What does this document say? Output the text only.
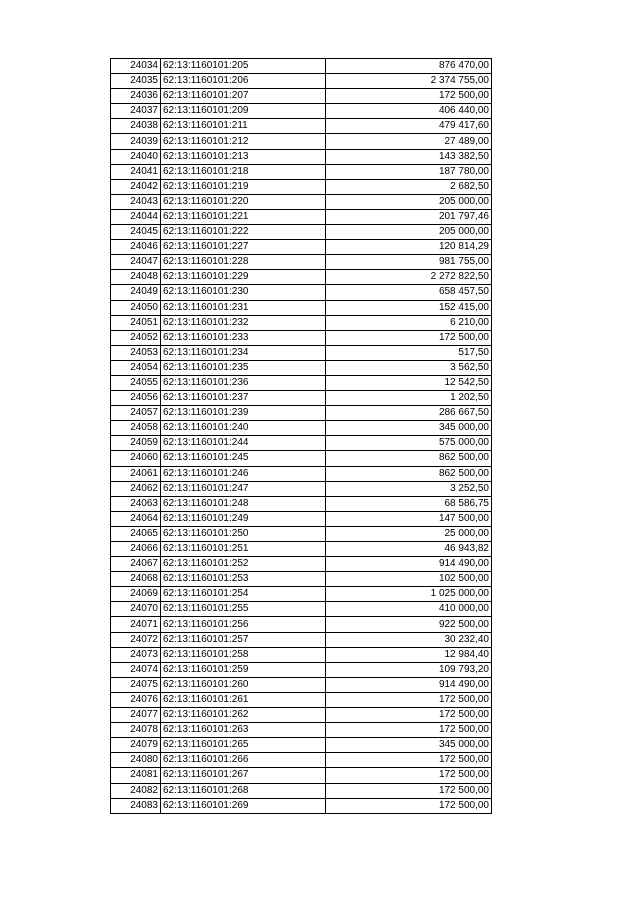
24034	62:13:1160101:205	876 470,00
24035	62:13:1160101:206	2 374 755,00
24036	62:13:1160101:207	172 500,00
24037	62:13:1160101:209	406 440,00
24038	62:13:1160101:211	479 417,60
24039	62:13:1160101:212	27 489,00
24040	62:13:1160101:213	143 382,50
24041	62:13:1160101:218	187 780,00
24042	62:13:1160101:219	2 682,50
24043	62:13:1160101:220	205 000,00
24044	62:13:1160101:221	201 797,46
24045	62:13:1160101:222	205 000,00
24046	62:13:1160101:227	120 814,29
24047	62:13:1160101:228	981 755,00
24048	62:13:1160101:229	2 272 822,50
24049	62:13:1160101:230	658 457,50
24050	62:13:1160101:231	152 415,00
24051	62:13:1160101:232	6 210,00
24052	62:13:1160101:233	172 500,00
24053	62:13:1160101:234	517,50
24054	62:13:1160101:235	3 562,50
24055	62:13:1160101:236	12 542,50
24056	62:13:1160101:237	1 202,50
24057	62:13:1160101:239	286 667,50
24058	62:13:1160101:240	345 000,00
24059	62:13:1160101:244	575 000,00
24060	62:13:1160101:245	862 500,00
24061	62:13:1160101:246	862 500,00
24062	62:13:1160101:247	3 252,50
24063	62:13:1160101:248	68 586,75
24064	62:13:1160101:249	147 500,00
24065	62:13:1160101:250	25 000,00
24066	62:13:1160101:251	46 943,82
24067	62:13:1160101:252	914 490,00
24068	62:13:1160101:253	102 500,00
24069	62:13:1160101:254	1 025 000,00
24070	62:13:1160101:255	410 000,00
24071	62:13:1160101:256	922 500,00
24072	62:13:1160101:257	30 232,40
24073	62:13:1160101:258	12 984,40
24074	62:13:1160101:259	109 793,20
24075	62:13:1160101:260	914 490,00
24076	62:13:1160101:261	172 500,00
24077	62:13:1160101:262	172 500,00
24078	62:13:1160101:263	172 500,00
24079	62:13:1160101:265	345 000,00
24080	62:13:1160101:266	172 500,00
24081	62:13:1160101:267	172 500,00
24082	62:13:1160101:268	172 500,00
24083	62:13:1160101:269	172 500,00
